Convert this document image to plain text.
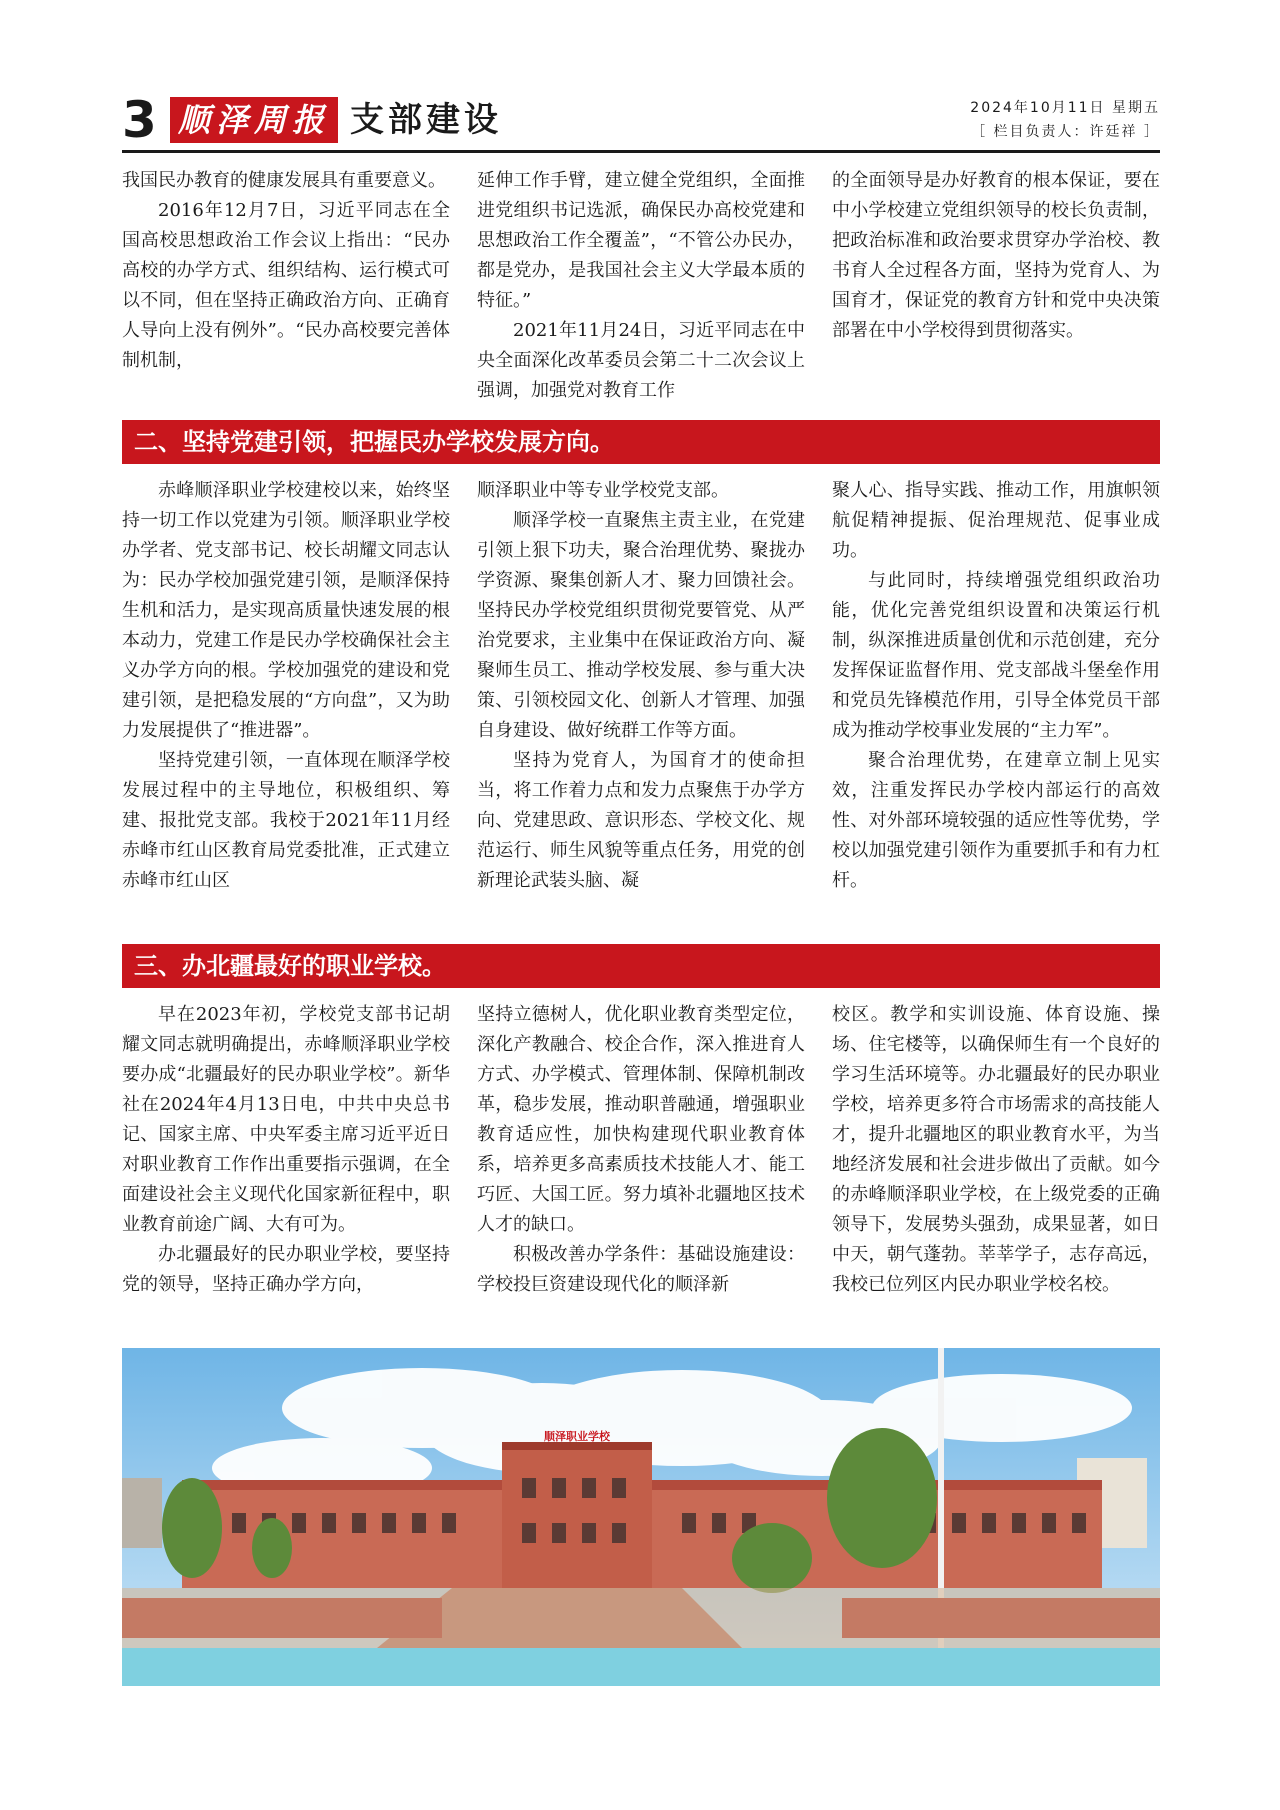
3 顺泽周报 支部建设	2024年10月11日 星期五
［ 栏目负责人：许廷祥 ］

我国民办教育的健康发展具有重要意义。

2016年12月7日，习近平同志在全国高校思想政治工作会议上指出：“民办高校的办学方式、组织结构、运行模式可以不同，但在坚持正确政治方向、正确育人导向上没有例外”。“民办高校要完善体制机制，

延伸工作手臂，建立健全党组织，全面推进党组织书记选派，确保民办高校党建和思想政治工作全覆盖”，“不管公办民办，都是党办，是我国社会主义大学最本质的特征。”

2021年11月24日，习近平同志在中央全面深化改革委员会第二十二次会议上强调，加强党对教育工作

的全面领导是办好教育的根本保证，要在中小学校建立党组织领导的校长负责制，把政治标准和政治要求贯穿办学治校、教书育人全过程各方面，坚持为党育人、为国育才，保证党的教育方针和党中央决策部署在中小学校得到贯彻落实。

二、坚持党建引领，把握民办学校发展方向。

赤峰顺泽职业学校建校以来，始终坚持一切工作以党建为引领。顺泽职业学校办学者、党支部书记、校长胡耀文同志认为：民办学校加强党建引领，是顺泽保持生机和活力，是实现高质量快速发展的根本动力，党建工作是民办学校确保社会主义办学方向的根。学校加强党的建设和党建引领，是把稳发展的“方向盘”，又为助力发展提供了“推进器”。

坚持党建引领，一直体现在顺泽学校发展过程中的主导地位，积极组织、筹建、报批党支部。我校于2021年11月经赤峰市红山区教育局党委批准，正式建立赤峰市红山区

顺泽职业中等专业学校党支部。

顺泽学校一直聚焦主责主业，在党建引领上狠下功夫，聚合治理优势、聚拢办学资源、聚集创新人才、聚力回馈社会。坚持民办学校党组织贯彻党要管党、从严治党要求，主业集中在保证政治方向、凝聚师生员工、推动学校发展、参与重大决策、引领校园文化、创新人才管理、加强自身建设、做好统群工作等方面。

坚持为党育人，为国育才的使命担当，将工作着力点和发力点聚焦于办学方向、党建思政、意识形态、学校文化、规范运行、师生风貌等重点任务，用党的创新理论武装头脑、凝

聚人心、指导实践、推动工作，用旗帜领航促精神提振、促治理规范、促事业成功。

与此同时，持续增强党组织政治功能，优化完善党组织设置和决策运行机制，纵深推进质量创优和示范创建，充分发挥保证监督作用、党支部战斗堡垒作用和党员先锋模范作用，引导全体党员干部成为推动学校事业发展的“主力军”。

聚合治理优势，在建章立制上见实效，注重发挥民办学校内部运行的高效性、对外部环境较强的适应性等优势，学校以加强党建引领作为重要抓手和有力杠杆。

三、办北疆最好的职业学校。

早在2023年初，学校党支部书记胡耀文同志就明确提出，赤峰顺泽职业学校要办成“北疆最好的民办职业学校”。新华社在2024年4月13日电，中共中央总书记、国家主席、中央军委主席习近平近日对职业教育工作作出重要指示强调，在全面建设社会主义现代化国家新征程中，职业教育前途广阔、大有可为。

办北疆最好的民办职业学校，要坚持党的领导，坚持正确办学方向，

坚持立德树人，优化职业教育类型定位，深化产教融合、校企合作，深入推进育人方式、办学模式、管理体制、保障机制改革，稳步发展，推动职普融通，增强职业教育适应性，加快构建现代职业教育体系，培养更多高素质技术技能人才、能工巧匠、大国工匠。努力填补北疆地区技术人才的缺口。

积极改善办学条件：基础设施建设：学校投巨资建设现代化的顺泽新

校区。教学和实训设施、体育设施、操场、住宅楼等，以确保师生有一个良好的学习生活环境等。办北疆最好的民办职业学校，培养更多符合市场需求的高技能人才，提升北疆地区的职业教育水平，为当地经济发展和社会进步做出了贡献。如今的赤峰顺泽职业学校，在上级党委的正确领导下，发展势头强劲，成果显著，如日中天，朝气蓬勃。莘莘学子，志存高远，我校已位列区内民办职业学校名校。

顺泽职业学校
